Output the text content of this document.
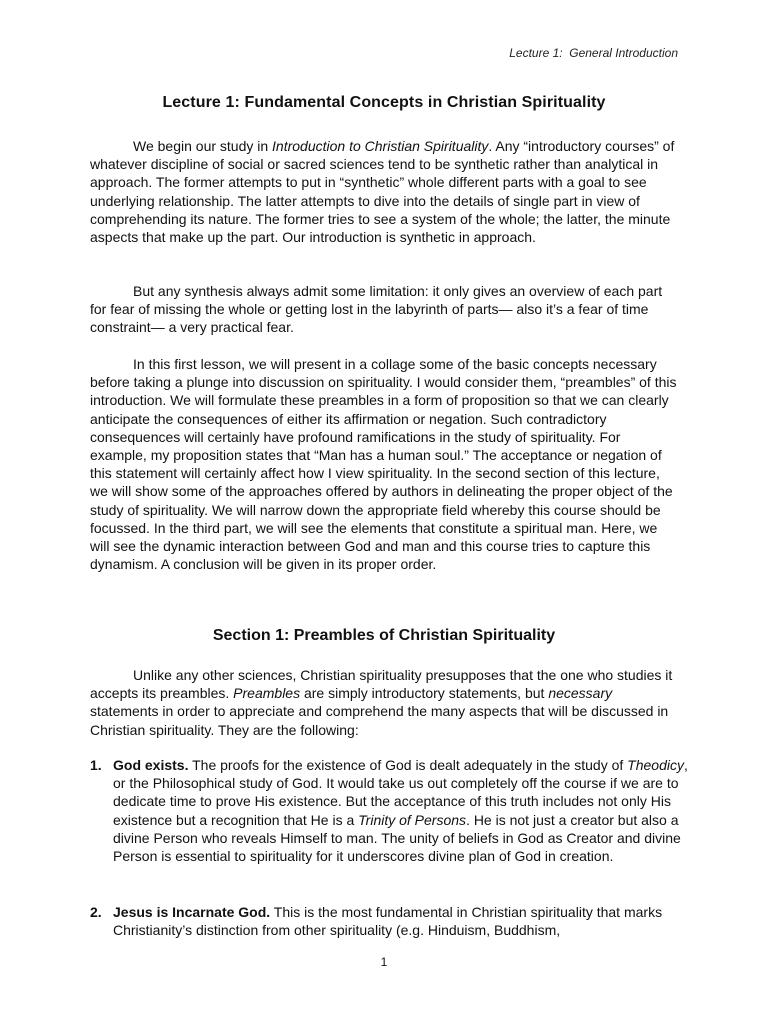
Lecture 1:  General Introduction
Lecture 1: Fundamental Concepts in Christian Spirituality

We begin our study in Introduction to Christian Spirituality. Any “introductory courses” of whatever discipline of social or sacred sciences tend to be synthetic rather than analytical in approach. The former attempts to put in “synthetic” whole different parts with a goal to see underlying relationship. The latter attempts to dive into the details of single part in view of comprehending its nature. The former tries to see a system of the whole; the latter, the minute aspects that make up the part. Our introduction is synthetic in approach.

But any synthesis always admit some limitation: it only gives an overview of each part for fear of missing the whole or getting lost in the labyrinth of parts— also it’s a fear of time constraint— a very practical fear.

In this first lesson, we will present in a collage some of the basic concepts necessary before taking a plunge into discussion on spirituality. I would consider them, “preambles” of this introduction. We will formulate these preambles in a form of proposition so that we can clearly anticipate the consequences of either its affirmation or negation. Such contradictory consequences will certainly have profound ramifications in the study of spirituality. For example, my proposition states that “Man has a human soul.” The acceptance or negation of this statement will certainly affect how I view spirituality. In the second section of this lecture, we will show some of the approaches offered by authors in delineating the proper object of the study of spirituality. We will narrow down the appropriate field whereby this course should be focussed. In the third part, we will see the elements that constitute a spiritual man. Here, we will see the dynamic interaction between God and man and this course tries to capture this dynamism. A conclusion will be given in its proper order.

Section 1: Preambles of Christian Spirituality

Unlike any other sciences, Christian spirituality presupposes that the one who studies it accepts its preambles. Preambles are simply introductory statements, but necessary statements in order to appreciate and comprehend the many aspects that will be discussed in Christian spirituality. They are the following:

1. God exists. The proofs for the existence of God is dealt adequately in the study of Theodicy, or the Philosophical study of God. It would take us out completely off the course if we are to dedicate time to prove His existence. But the acceptance of this truth includes not only His existence but a recognition that He is a Trinity of Persons. He is not just a creator but also a divine Person who reveals Himself to man. The unity of beliefs in God as Creator and divine Person is essential to spirituality for it underscores divine plan of God in creation.
2. Jesus is Incarnate God. This is the most fundamental in Christian spirituality that marks Christianity’s distinction from other spirituality (e.g. Hinduism, Buddhism,
1
